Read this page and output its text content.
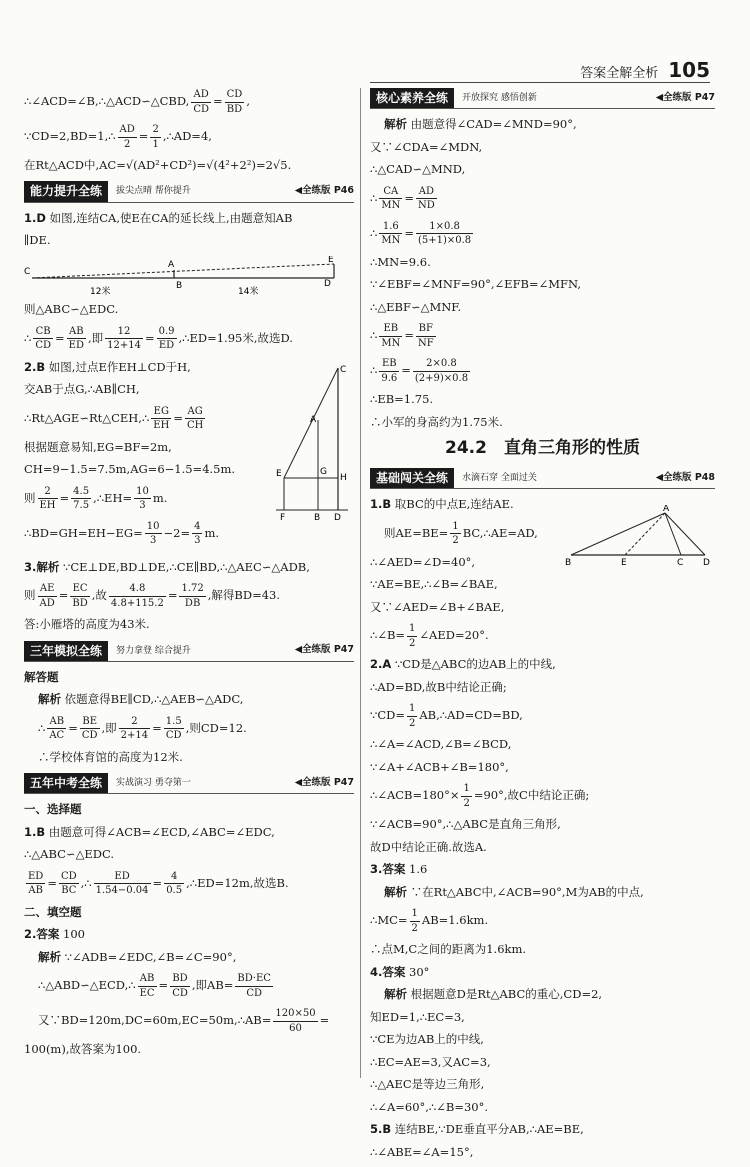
答案全解全析 105

∴∠ACD=∠B,∴△ACD∽△CBD, $\frac{AD}{CD} = \frac{CD}{BD}$ ,

∵CD=2,BD=1,∴ $\frac{AD}{2} = \frac{2}{1}$ ,∴AD=4,

在Rt△ACD中,AC=√(AD²+CD²)=√(4²+2²)=2√5.

能力提升全练	拔尖点晴 帮你提升	◀全练版 P46

1.D 如图,连结CA,使E在CA的延长线上,由题意知AB

∥DE.

C
A	E
B	D
12米	14米

则△ABC∽△EDC.

∴ $\frac{CB}{CD} = \frac{AB}{ED}$ ,即 $\frac{12}{12+14} = \frac{0.9}{ED}$ ,∴ED=1.95米,故选D.

C
A
E	G
H
F	B D

2.B 如图,过点E作EH⊥CD于H,

交AB于点G,∴AB∥CH,

∴Rt△AGE∽Rt△CEH,∴ $\frac{EG}{EH} = \frac{AG}{CH}$

根据题意易知,EG=BF=2m,

CH=9−1.5=7.5m,AG=6−1.5=4.5m.

则 $\frac{2}{EH} = \frac{4.5}{7.5}$ ,∴EH= $\frac{10}{3} m$.

∴BD=GH=EH−EG= $\frac{10}{3} -2= \frac{4}{3} m$.

3.解析 ∵CE⊥DE,BD⊥DE,∴CE∥BD,∴△AEC∽△ADB,

则 $\frac{AE}{AD} = \frac{EC}{BD}$ ,故 $\frac{4.8}{4.8+115.2} = \frac{1.72}{DB}$ ,解得BD=43.

答:小雁塔的高度为43米.

三年模拟全练	努力拿登 综合提升	◀全练版 P47

解答题

解析 依题意得BE∥CD,∴△AEB∽△ADC,

∴ $\frac{AB}{AC} = \frac{BE}{CD}$ ,即 $\frac{2}{2+14} = \frac{1.5}{CD}$ ,则CD=12.

∴学校体育馆的高度为12米.

五年中考全练	实战演习 勇夺第一	◀全练版 P47

一、选择题

1.B 由题意可得∠ACB=∠ECD,∠ABC=∠EDC,

∴△ABC∽△EDC.

$\frac{ED}{AB} = \frac{CD}{BC}$ ,∴ $\frac{ED}{1.54-0.04} = \frac{4}{0.5}$ ,∴ED=12m,故选B.

二、填空题

2.答案 100

解析 ∵∠ADB=∠EDC,∠B=∠C=90°,

∴△ABD∽△ECD,∴ $\frac{AB}{EC} = \frac{BD}{CD}$ ,即$AB= \frac{BD\cdot EC}{CD}$

又∵BD=120m,DC=60m,EC=50m,∴AB= $\frac{120\times 50}{60}$ =

100(m),故答案为100.

核心素养全练	开放探究 感悟创新	◀全练版 P47

解析 由题意得∠CAD=∠MND=90°,

又∵∠CDA=∠MDN,

∴△CAD∽△MND,

∴ $\frac{CA}{MN} = \frac{AD}{ND}$

∴ $\frac{1.6}{MN} = \frac{1\times 0.8}{(5+1)\times 0.8}$

∴MN=9.6.

∵∠EBF=∠MNF=90°,∠EFB=∠MFN,

∴△EBF∽△MNF.

∴ $\frac{EB}{MN} = \frac{BF}{NF}$

∴ $\frac{EB}{9.6} = \frac{2\times 0.8}{(2+9)\times 0.8}$

∴EB=1.75.

∴小军的身高约为1.75米.

24.2　直角三角形的性质
基础闯关全练	水滴石穿 全面过关	◀全练版 P48
A
B	E	C D

1.B 取BC的中点E,连结AE.

则$AE=BE= \frac{1}{2}$ BC,∴AE=AD,

∴∠AED=∠D=40°,

∵AE=BE,∴∠B=∠BAE,

又∵∠AED=∠B+∠BAE,

∴∠B= $\frac{1}{2}$ ∠AED=20°.

2.A ∵CD是△ABC的边AB上的中线,

∴AD=BD,故B中结论正确;

∵CD= $\frac{1}{2}$ AB,∴AD=CD=BD,

∴∠A=∠ACD,∠B=∠BCD,

∵∠A+∠ACB+∠B=180°,

∴∠ACB=180°× $\frac{1}{2} =90^\circ$,故C中结论正确;

∵∠ACB=90°,∴△ABC是直角三角形,

故D中结论正确.故选A.

3.答案 1.6

解析 ∵在Rt△ABC中,∠ACB=90°,M为AB的中点,

∴MC= $\frac{1}{2} AB=1.6km$.

∴点M,C之间的距离为1.6km.

4.答案 30°

解析 根据题意D是Rt△ABC的重心,CD=2,

知ED=1,∴EC=3,

∵CE为边AB上的中线,

∴EC=AE=3,又AC=3,

∴△AEC是等边三角形,

∴∠A=60°,∴∠B=30°.

5.B 连结BE,∵DE垂直平分AB,∴AE=BE,

∴∠ABE=∠A=15°,
